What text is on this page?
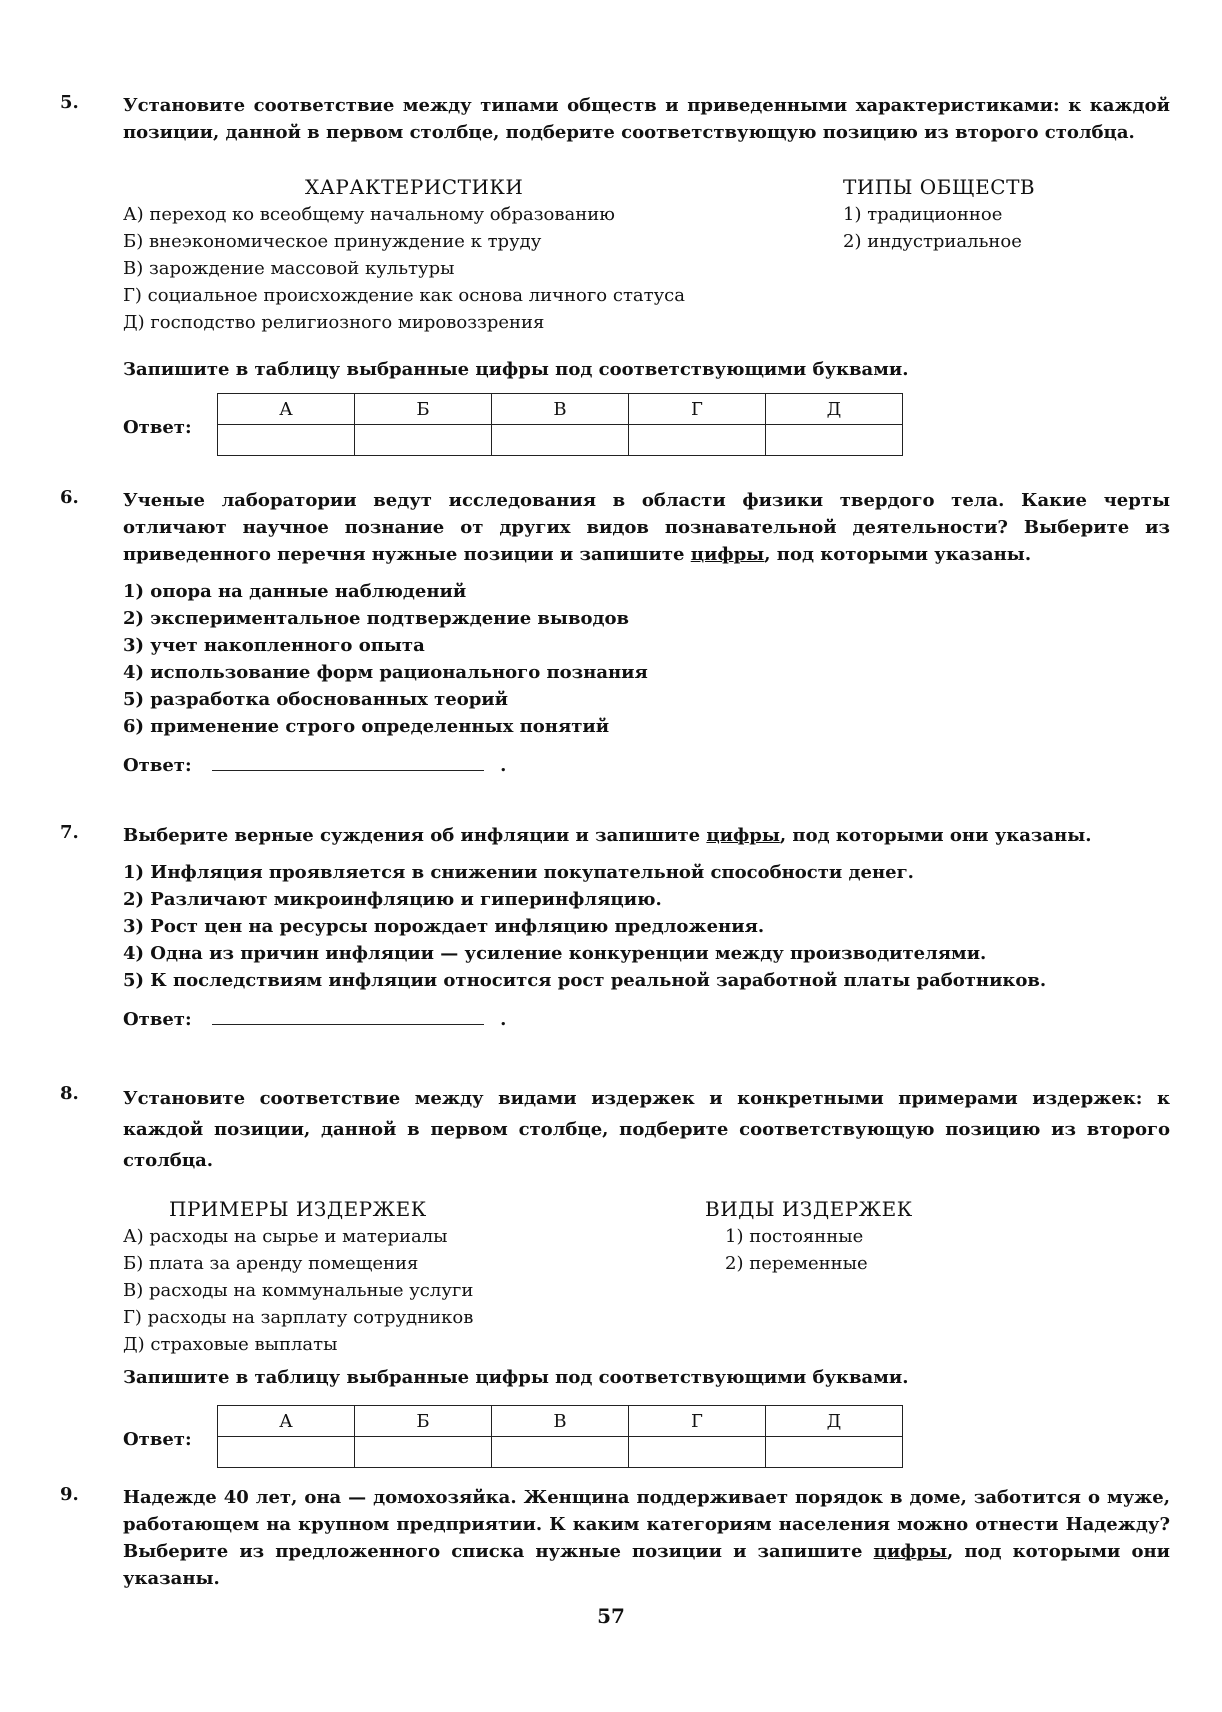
5. Установите соответствие между типами обществ и приведенными характеристиками: к каждой позиции, данной в первом столбце, подберите соответствующую позицию из второго столбца.
ХАРАКТЕРИСТИКИ
А) переход ко всеобщему начальному образованию
Б) внеэкономическое принуждение к труду
В) зарождение массовой культуры
Г) социальное происхождение как основа личного статуса
Д) господство религиозного мировоззрения
ТИПЫ ОБЩЕСТВ
1) традиционное
2) индустриальное
Запишите в таблицу выбранные цифры под соответствующими буквами.
Ответ:
А	Б	В	Г	Д

6. Ученые лаборатории ведут исследования в области физики твердого тела. Какие черты отличают научное познание от других видов познавательной деятельности? Выберите из приведенного перечня нужные позиции и запишите цифры, под которыми указаны.
1) опора на данные наблюдений
2) экспериментальное подтверждение выводов
3) учет накопленного опыта
4) использование форм рационального познания
5) разработка обоснованных теорий
6) применение строго определенных понятий
Ответ:	.
7. Выберите верные суждения об инфляции и запишите цифры, под которыми они указаны.
1) Инфляция проявляется в снижении покупательной способности денег.
2) Различают микроинфляцию и гиперинфляцию.
3) Рост цен на ресурсы порождает инфляцию предложения.
4) Одна из причин инфляции — усиление конкуренции между производителями.
5) К последствиям инфляции относится рост реальной заработной платы работников.
Ответ:	.
8. Установите соответствие между видами издержек и конкретными примерами издержек: к каждой позиции, данной в первом столбце, подберите соответствующую позицию из второго столбца.
ПРИМЕРЫ ИЗДЕРЖЕК
А) расходы на сырье и материалы
Б) плата за аренду помещения
В) расходы на коммунальные услуги
Г) расходы на зарплату сотрудников
Д) страховые выплаты
ВИДЫ ИЗДЕРЖЕК
1) постоянные
2) переменные
Запишите в таблицу выбранные цифры под соответствующими буквами.
Ответ:
А	Б	В	Г	Д

9. Надежде 40 лет, она — домохозяйка. Женщина поддерживает порядок в доме, заботится о муже, работающем на крупном предприятии. К каким категориям населения можно отнести Надежду? Выберите из предложенного списка нужные позиции и запишите цифры, под которыми они указаны.
57
